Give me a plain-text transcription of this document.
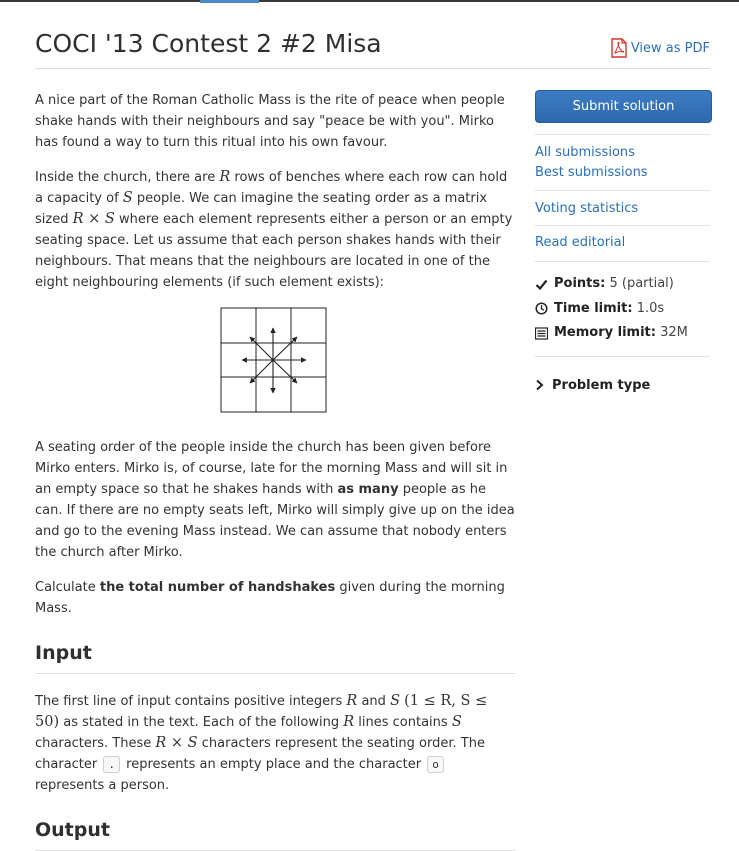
COCI '13 Contest 2 #2 Misa	View as PDF

A nice part of the Roman Catholic Mass is the rite of peace when people shake hands with their neighbours and say "peace be with you". Mirko has found a way to turn this ritual into his own favour.

Inside the church, there are R rows of benches where each row can hold a capacity of S people. We can imagine the seating order as a matrix sized R × S where each element represents either a person or an empty seating space. Let us assume that each person shakes hands with their neighbours. That means that the neighbours are located in one of the eight neighbouring elements (if such element exists):

A seating order of the people inside the church has been given before Mirko enters. Mirko is, of course, late for the morning Mass and will sit in an empty space so that he shakes hands with as many people as he can. If there are no empty seats left, Mirko will simply give up on the idea and go to the evening Mass instead. We can assume that nobody enters the church after Mirko.

Calculate the total number of handshakes given during the morning Mass.

Input

The first line of input contains positive integers R and S (1 ≤ R, S ≤ 50) as stated in the text. Each of the following R lines contains S characters. These R × S characters represent the seating order. The character . represents an empty place and the character o represents a person.

Output
Submit solution
All submissions
Best submissions
Voting statistics
Read editorial
Points: 5 (partial)
Time limit: 1.0s
Memory limit: 32M
Problem type
